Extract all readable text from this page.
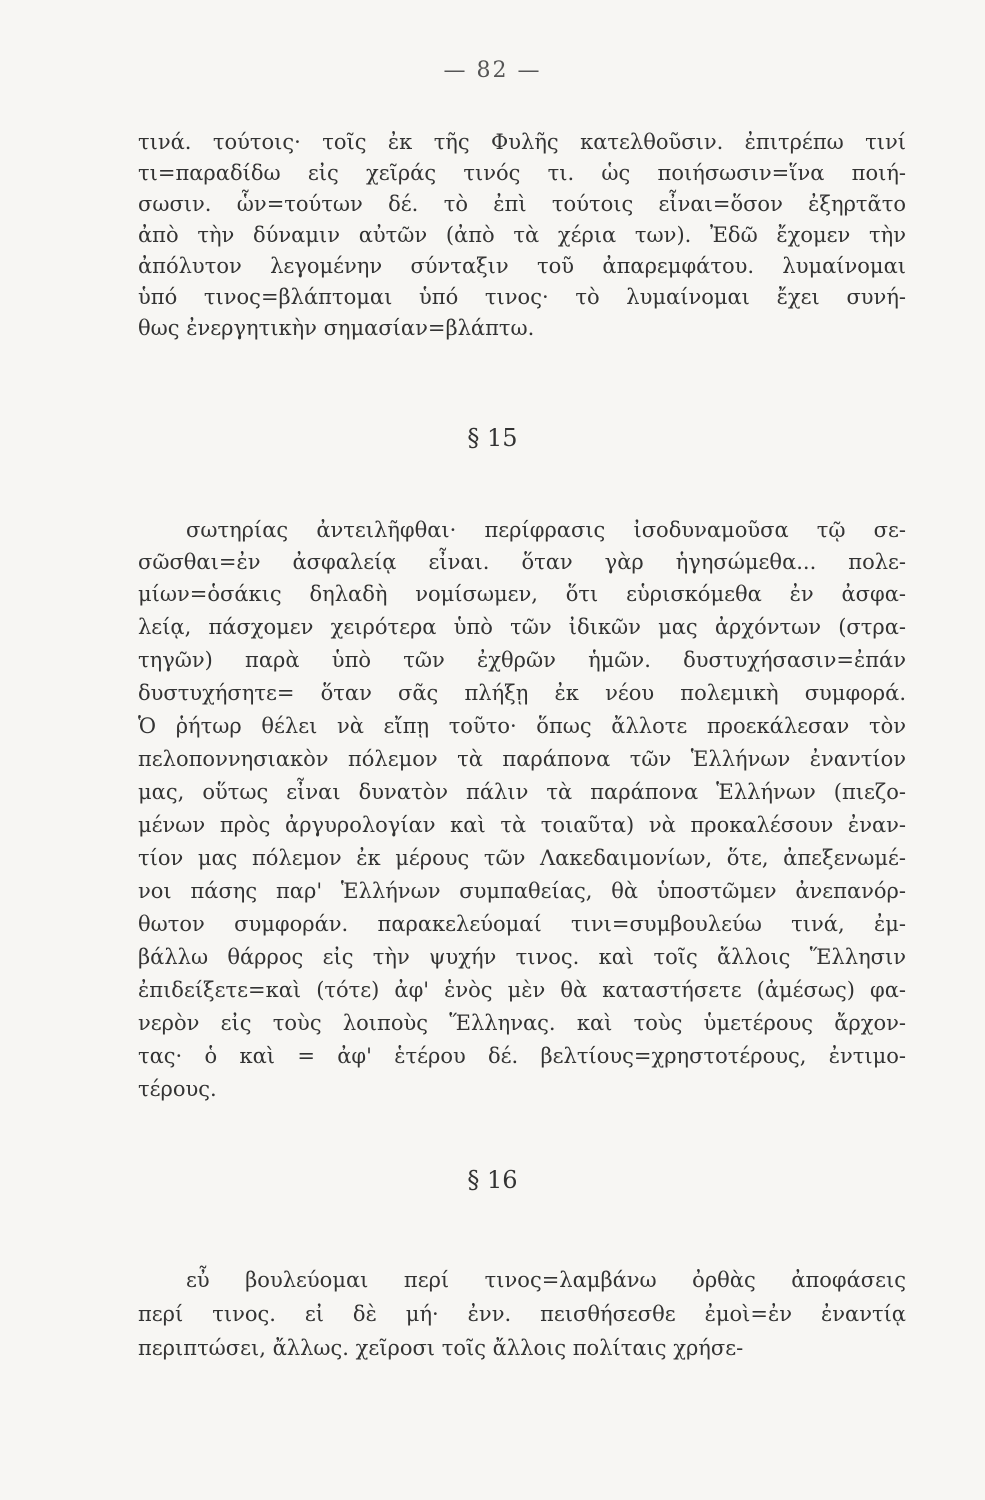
— 82 —
τινά. τούτοις· τοῖς ἐκ τῆς Φυλῆς κατελθοῦσιν. ἐπιτρέπω τινί
τι=παραδίδω εἰς χεῖράς τινός τι. ὡς ποιήσωσιν=ἵνα ποιή-
σωσιν. ὧν=τούτων δέ. τὸ ἐπὶ τούτοις εἶναι=ὅσον ἐξηρτᾶτο
ἀπὸ τὴν δύναμιν αὐτῶν (ἀπὸ τὰ χέρια των). Ἐδῶ ἔχομεν τὴν
ἀπόλυτον λεγομένην σύνταξιν τοῦ ἀπαρεμφάτου. λυμαίνομαι
ὑπό τινος=βλάπτομαι ὑπό τινος· τὸ λυμαίνομαι ἔχει συνή-
θως ἐνεργητικὴν σημασίαν=βλάπτω.
§ 15
σωτηρίας ἀντειλῆφθαι· περίφρασις ἰσοδυναμοῦσα τῷ σε-
σῶσθαι=ἐν ἀσφαλείᾳ εἶναι. ὅταν γὰρ ἡγησώμεθα... πολε-
μίων=ὁσάκις δηλαδὴ νομίσωμεν, ὅτι εὑρισκόμεθα ἐν ἀσφα-
λείᾳ, πάσχομεν χειρότερα ὑπὸ τῶν ἰδικῶν μας ἀρχόντων (στρα-
τηγῶν) παρὰ ὑπὸ τῶν ἐχθρῶν ἡμῶν. δυστυχήσασιν=ἐπάν
δυστυχήσητε= ὅταν σᾶς πλήξῃ ἐκ νέου πολεμικὴ συμφορά.
Ὁ ῥήτωρ θέλει νὰ εἴπῃ τοῦτο· ὅπως ἄλλοτε προεκάλεσαν τὸν
πελοποννησιακὸν πόλεμον τὰ παράπονα τῶν Ἑλλήνων ἐναντίον
μας, οὕτως εἶναι δυνατὸν πάλιν τὰ παράπονα Ἑλλήνων (πιεζο-
μένων πρὸς ἀργυρολογίαν καὶ τὰ τοιαῦτα) νὰ προκαλέσουν ἐναν-
τίον μας πόλεμον ἐκ μέρους τῶν Λακεδαιμονίων, ὅτε, ἀπεξενωμέ-
νοι πάσης παρ' Ἑλλήνων συμπαθείας, θὰ ὑποστῶμεν ἀνεπανόρ-
θωτον συμφοράν. παρακελεύομαί τινι=συμβουλεύω τινά, ἐμ-
βάλλω θάρρος εἰς τὴν ψυχήν τινος. καὶ τοῖς ἄλλοις Ἕλλησιν
ἐπιδείξετε=καὶ (τότε) ἀφ' ἑνὸς μὲν θὰ καταστήσετε (ἀμέσως) φα-
νερὸν εἰς τοὺς λοιποὺς Ἕλληνας. καὶ τοὺς ὑμετέρους ἄρχον-
τας· ὁ καὶ = ἀφ' ἑτέρου δέ. βελτίους=χρηστοτέρους, ἐντιμο-
τέρους.
§ 16
εὖ βουλεύομαι περί τινος=λαμβάνω ὀρθὰς ἀποφάσεις
περί τινος. εἰ δὲ μή· ἐνν. πεισθήσεσθε ἐμοὶ=ἐν ἐναντίᾳ
περιπτώσει, ἄλλως. χεῖροσι τοῖς ἄλλοις πολίταις χρήσε-
